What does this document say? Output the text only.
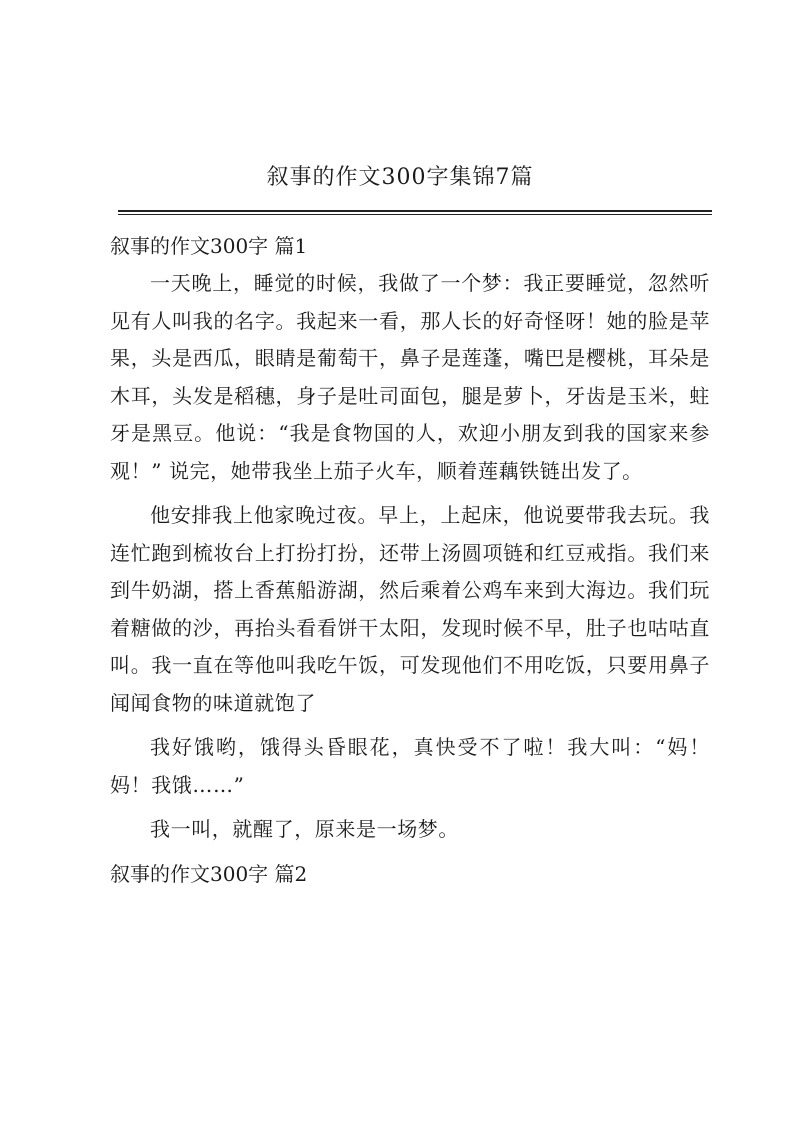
叙事的作文300字集锦7篇
叙事的作文300字 篇1

一天晚上，睡觉的时候，我做了一个梦：我正要睡觉，忽然听见有人叫我的名字。我起来一看，那人长的好奇怪呀！她的脸是苹果，头是西瓜，眼睛是葡萄干，鼻子是莲蓬，嘴巴是樱桃，耳朵是木耳，头发是稻穗，身子是吐司面包，腿是萝卜，牙齿是玉米，蛀牙是黑豆。他说：“我是食物国的人，欢迎小朋友到我的国家来参观！” 说完，她带我坐上茄子火车，顺着莲藕铁链出发了。

他安排我上他家晚过夜。早上，上起床，他说要带我去玩。我连忙跑到梳妆台上打扮打扮，还带上汤圆项链和红豆戒指。我们来到牛奶湖，搭上香蕉船游湖，然后乘着公鸡车来到大海边。我们玩着糖做的沙，再抬头看看饼干太阳，发现时候不早，肚子也咕咕直叫。我一直在等他叫我吃午饭，可发现他们不用吃饭，只要用鼻子闻闻食物的味道就饱了

我好饿哟，饿得头昏眼花，真快受不了啦！我大叫：“妈！妈！我饿……”

我一叫，就醒了，原来是一场梦。

叙事的作文300字 篇2
